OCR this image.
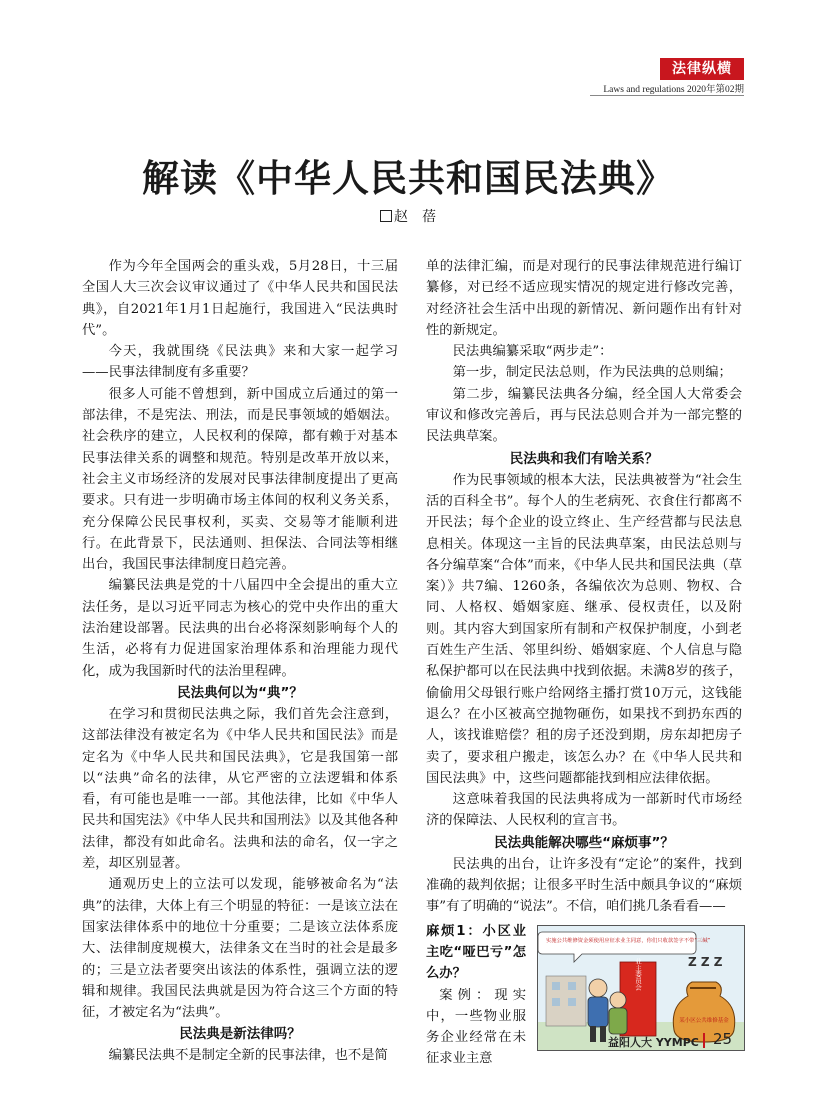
法律纵横
Laws and regulations 2020年第02期
解读《中华人民共和国民法典》
赵　蓓

作为今年全国两会的重头戏，5月28日，十三届全国人大三次会议审议通过了《中华人民共和国民法典》，自2021年1月1日起施行，我国进入“民法典时代”。

今天，我就围绕《民法典》来和大家一起学习——民事法律制度有多重要？

很多人可能不曾想到，新中国成立后通过的第一部法律，不是宪法、刑法，而是民事领域的婚姻法。社会秩序的建立，人民权利的保障，都有赖于对基本民事法律关系的调整和规范。特别是改革开放以来，社会主义市场经济的发展对民事法律制度提出了更高要求。只有进一步明确市场主体间的权利义务关系，充分保障公民民事权利，买卖、交易等才能顺利进行。在此背景下，民法通则、担保法、合同法等相继出台，我国民事法律制度日趋完善。

编纂民法典是党的十八届四中全会提出的重大立法任务，是以习近平同志为核心的党中央作出的重大法治建设部署。民法典的出台必将深刻影响每个人的生活，必将有力促进国家治理体系和治理能力现代化，成为我国新时代的法治里程碑。

民法典何以为“典”？

在学习和贯彻民法典之际，我们首先会注意到，这部法律没有被定名为《中华人民共和国民法》而是定名为《中华人民共和国民法典》，它是我国第一部以“法典”命名的法律，从它严密的立法逻辑和体系看，有可能也是唯一一部。其他法律，比如《中华人民共和国宪法》《中华人民共和国刑法》以及其他各种法律，都没有如此命名。法典和法的命名，仅一字之差，却区别显著。

通观历史上的立法可以发现，能够被命名为“法典”的法律，大体上有三个明显的特征：一是该立法在国家法律体系中的地位十分重要；二是该立法体系庞大、法律制度规模大，法律条文在当时的社会是最多的；三是立法者要突出该法的体系性，强调立法的逻辑和规律。我国民法典就是因为符合这三个方面的特征，才被定名为“法典”。

民法典是新法律吗？

编纂民法典不是制定全新的民事法律，也不是简

单的法律汇编，而是对现行的民事法律规范进行编订纂修，对已经不适应现实情况的规定进行修改完善，对经济社会生活中出现的新情况、新问题作出有针对性的新规定。

民法典编纂采取“两步走”：

第一步，制定民法总则，作为民法典的总则编；

第二步，编纂民法典各分编，经全国人大常委会审议和修改完善后，再与民法总则合并为一部完整的民法典草案。

民法典和我们有啥关系？

作为民事领域的根本大法，民法典被誉为“社会生活的百科全书”。每个人的生老病死、衣食住行都离不开民法；每个企业的设立终止、生产经营都与民法息息相关。体现这一主旨的民法典草案，由民法总则与各分编草案“合体”而来，《中华人民共和国民法典（草案）》共7编、1260条，各编依次为总则、物权、合同、人格权、婚姻家庭、继承、侵权责任，以及附则。其内容大到国家所有制和产权保护制度，小到老百姓生产生活、邻里纠纷、婚姻家庭、个人信息与隐私保护都可以在民法典中找到依据。未满8岁的孩子，偷偷用父母银行账户给网络主播打赏10万元，这钱能退么？在小区被高空抛物砸伤，如果找不到扔东西的人，该找谁赔偿？租的房子还没到期，房东却把房子卖了，要求租户搬走，该怎么办？在《中华人民共和国民法典》中，这些问题都能找到相应法律依据。

这意味着我国的民法典将成为一部新时代市场经济的保障法、人民权利的宣言书。

民法典能解决哪些“麻烦事”？

民法典的出台，让许多没有“定论”的案件，找到准确的裁判依据；让很多平时生活中颇具争议的“麻烦事”有了明确的“说法”。不信，咱们挑几条看看——

麻烦1：小区业主吃“哑巴亏”怎么办？
案例：现实中，一些物业服务企业经常在未征求业主意
实施公共维修资金须使用应征求业主同意，你们只收款签字不带“三缄”
业主委员会
某小区公共维修基金
Z Z Z
益阳人大 YYMPC 25
